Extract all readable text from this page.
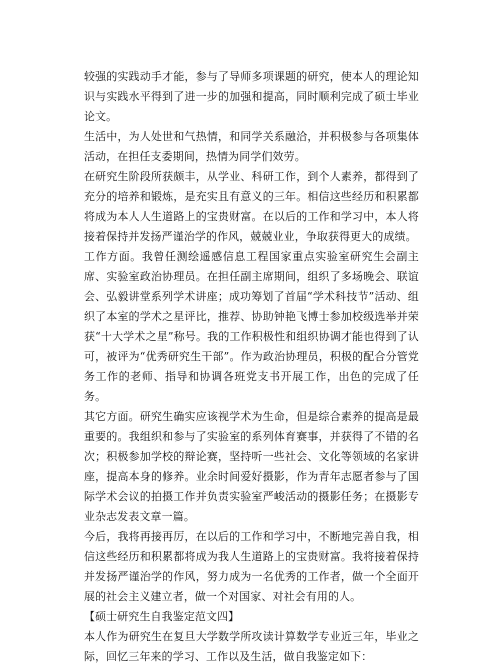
较强的实践动手才能，参与了导师多项课题的研究，使本人的理论知识与实践水平得到了进一步的加强和提高，同时顺利完成了硕士毕业论文。

生活中，为人处世和气热情，和同学关系融洽，并积极参与各项集体活动，在担任支委期间，热情为同学们效劳。

在研究生阶段所获颇丰，从学业、科研工作，到个人素养，都得到了充分的培养和锻炼，是充实且有意义的三年。相信这些经历和积累都将成为本人人生道路上的宝贵财富。在以后的工作和学习中，本人将接着保持并发扬严谨治学的作风，兢兢业业，争取获得更大的成绩。

工作方面。我曾任测绘遥感信息工程国家重点实验室研究生会副主席、实验室政治协理员。在担任副主席期间，组织了多场晚会、联谊会、弘毅讲堂系列学术讲座；成功筹划了首届“学术科技节”活动、组织了本室的学术之星评比，推荐、协助钟艳飞博士参加校级选举并荣获“十大学术之星”称号。我的工作积极性和组织协调才能也得到了认可，被评为“优秀研究生干部”。作为政治协理员，积极的配合分管党务工作的老师、指导和协调各班党支书开展工作，出色的完成了任务。

其它方面。研究生确实应该视学术为生命，但是综合素养的提高是最重要的。我组织和参与了实验室的系列体育赛事，并获得了不错的名次；积极参加学校的辩论赛，坚持听一些社会、文化等领域的名家讲座，提高本身的修养。业余时间爱好摄影，作为青年志愿者参与了国际学术会议的拍摄工作并负责实验室严峻活动的摄影任务；在摄影专业杂志发表文章一篇。

今后，我将再接再厉，在以后的工作和学习中，不断地完善自我，相信这些经历和积累都将成为我人生道路上的宝贵财富。我将接着保持并发扬严谨治学的作风，努力成为一名优秀的工作者，做一个全面开展的社会主义建立者，做一个对国家、对社会有用的人。

【硕士研究生自我鉴定范文四】

本人作为研究生在复旦大学数学所攻读计算数学专业近三年，毕业之际，回忆三年来的学习、工作以及生活，做自我鉴定如下：
